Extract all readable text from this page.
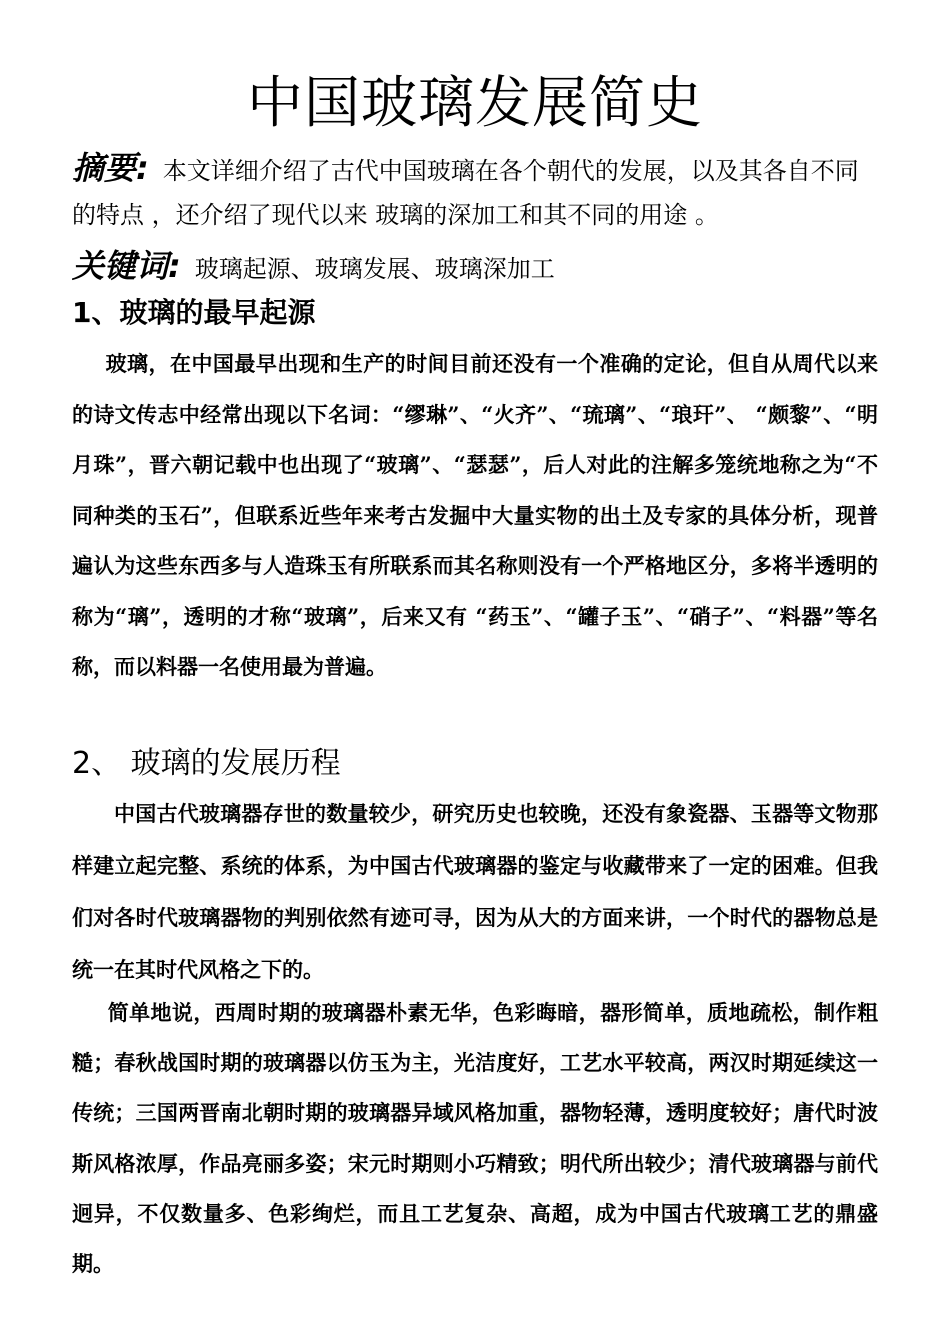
中国玻璃发展简史
摘要: 本文详细介绍了古代中国玻璃在各个朝代的发展，以及其各自不同的特点 ，还介绍了现代以来 玻璃的深加工和其不同的用途 。
关键词: 玻璃起源、玻璃发展、玻璃深加工
1、玻璃的最早起源

玻璃，在中国最早出现和生产的时间目前还没有一个准确的定论，但自从周代以来的诗文传志中经常出现以下名词：“缪琳”、“火齐”、“琉璃”、“琅玕”、 “颇黎”、“明月珠”，晋六朝记载中也出现了“玻璃”、“瑟瑟”，后人对此的注解多笼统地称之为“不同种类的玉石”，但联系近些年来考古发掘中大量实物的出土及专家的具体分析，现普遍认为这些东西多与人造珠玉有所联系而其名称则没有一个严格地区分，多将半透明的称为“璃”，透明的才称“玻璃”，后来又有 “药玉”、“罐子玉”、“硝子”、“料器”等名称，而以料器一名使用最为普遍。

2、 玻璃的发展历程

中国古代玻璃器存世的数量较少，研究历史也较晚，还没有象瓷器、玉器等文物那样建立起完整、系统的体系，为中国古代玻璃器的鉴定与收藏带来了一定的困难。但我们对各时代玻璃器物的判别依然有迹可寻，因为从大的方面来讲，一个时代的器物总是统一在其时代风格之下的。

简单地说，西周时期的玻璃器朴素无华，色彩晦暗，器形简单，质地疏松，制作粗糙；春秋战国时期的玻璃器以仿玉为主，光洁度好，工艺水平较高，两汉时期延续这一传统；三国两晋南北朝时期的玻璃器异域风格加重，器物轻薄，透明度较好；唐代时波斯风格浓厚，作品亮丽多姿；宋元时期则小巧精致；明代所出较少；清代玻璃器与前代迥异，不仅数量多、色彩绚烂，而且工艺复杂、高超，成为中国古代玻璃工艺的鼎盛期。
